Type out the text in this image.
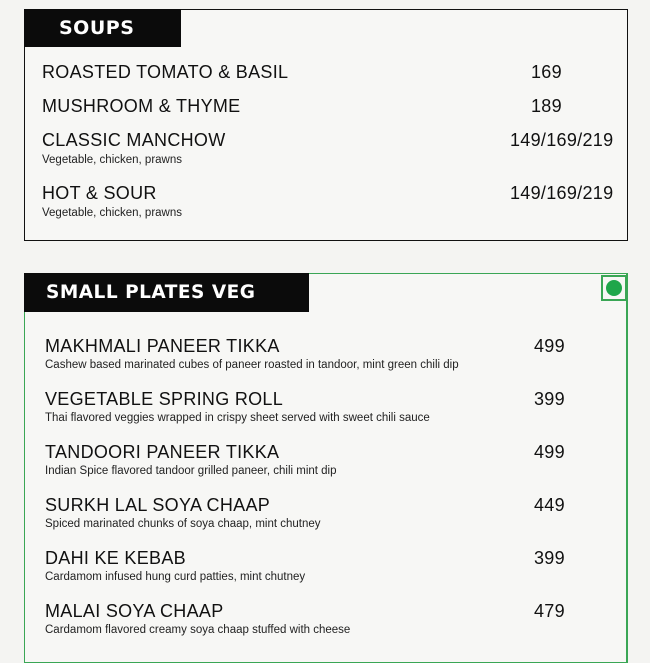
SOUPS
ROASTED TOMATO & BASIL	169
MUSHROOM & THYME	189
CLASSIC MANCHOW	149/169/219
Vegetable, chicken, prawns
HOT & SOUR	149/169/219
Vegetable, chicken, prawns
SMALL PLATES VEG
MAKHMALI PANEER TIKKA	499
Cashew based marinated cubes of paneer roasted in tandoor, mint green chili dip
VEGETABLE SPRING ROLL	399
Thai flavored veggies wrapped in crispy sheet served with sweet chili sauce
TANDOORI PANEER TIKKA	499
Indian Spice flavored tandoor grilled paneer, chili mint dip
SURKH LAL SOYA CHAAP	449
Spiced marinated chunks of soya chaap, mint chutney
DAHI KE KEBAB	399
Cardamom infused hung curd patties, mint chutney
MALAI SOYA CHAAP	479
Cardamom flavored creamy soya chaap stuffed with cheese
